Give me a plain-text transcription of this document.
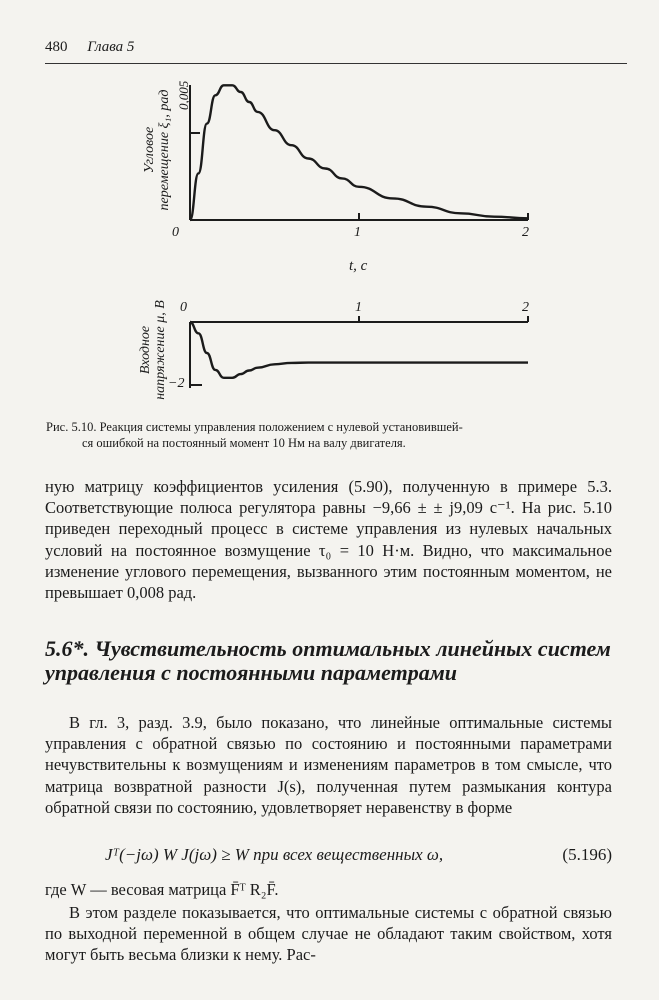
480 Глава 5
Угловое перемещение ξ₁, рад 0,005
0	1	2
t, c
Входное напряжение μ, В −2
0	1	2
Рис. 5.10. Реакция системы управления положением с нулевой установившей-
ся ошибкой на постоянный момент 10 Нм на валу двигателя.

ную матрицу коэффициентов усиления (5.90), полученную в примере 5.3. Соответствующие полюса регулятора равны −9,66 ± ± j9,09 с⁻¹. На рис. 5.10 приведен переходный процесс в системе управления из нулевых начальных условий на постоянное возмущение τ₀ = 10 Н·м. Видно, что максимальное изменение углового перемещения, вызванного этим постоянным моментом, не превышает 0,008 рад.

5.6*. Чувствительность оптимальных линейных систем управления с постоянными параметрами

В гл. 3, разд. 3.9, было показано, что линейные оптимальные системы управления с обратной связью по состоянию и постоянными параметрами нечувствительны к возмущениям и изменениям параметров в том смысле, что матрица возвратной разности J(s), полученная путем размыкания контура обратной связи по состоянию, удовлетворяет неравенству в форме

Jᵀ(−jω) W J(jω) ≥ W при всех вещественных ω,	(5.196)

где W — весовая матрица F̄ᵀ R₂F̄.

В этом разделе показывается, что оптимальные системы с обратной связью по выходной переменной в общем случае не обладают таким свойством, хотя могут быть весьма близки к нему. Рас-
